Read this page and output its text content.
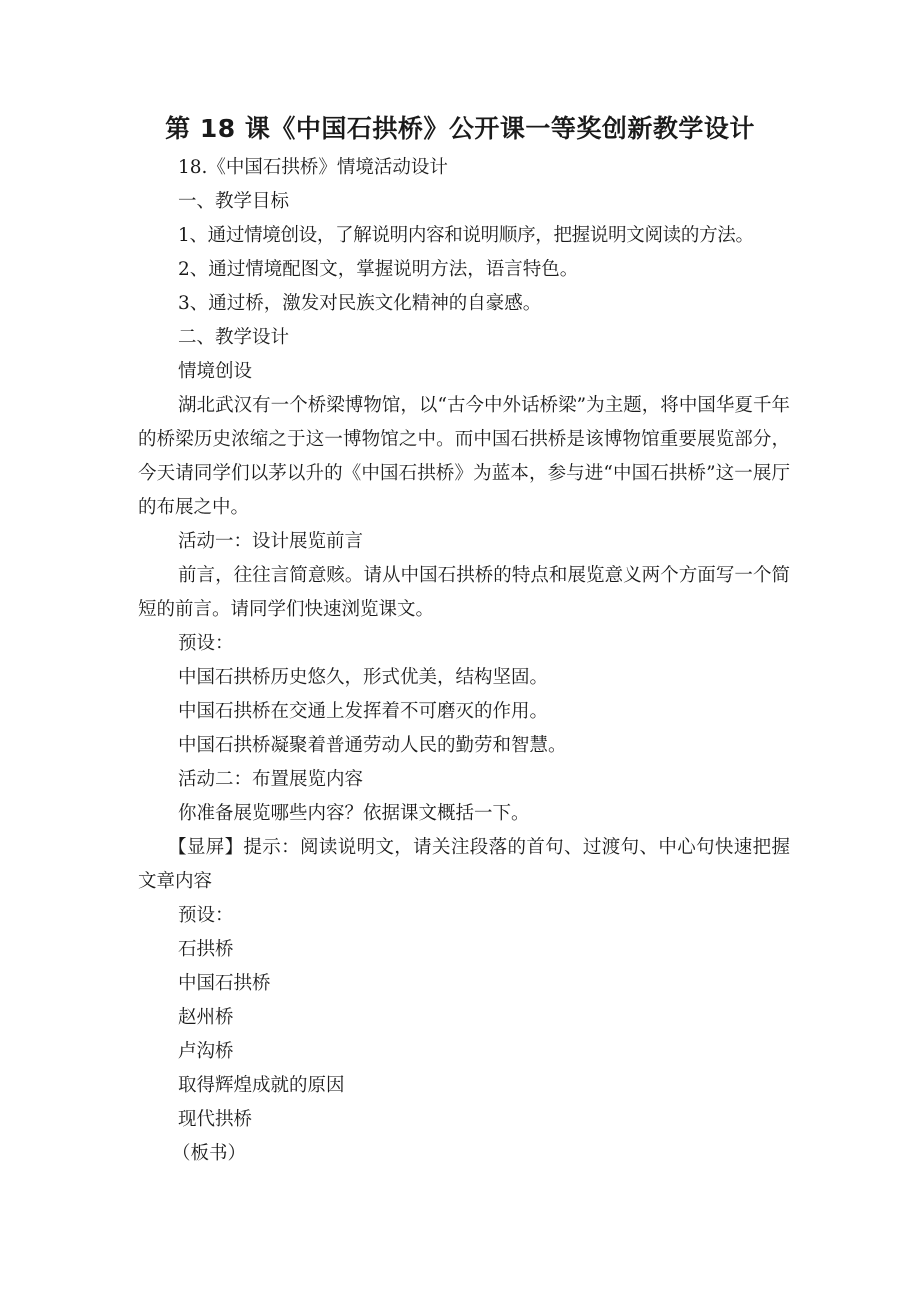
第 18 课《中国石拱桥》公开课一等奖创新教学设计
18.《中国石拱桥》情境活动设计
一、教学目标
1、通过情境创设，了解说明内容和说明顺序，把握说明文阅读的方法。
2、通过情境配图文，掌握说明方法，语言特色。
3、通过桥，激发对民族文化精神的自豪感。
二、教学设计
情境创设
湖北武汉有一个桥梁博物馆，以“古今中外话桥梁”为主题，将中国华夏千年的桥梁历史浓缩之于这一博物馆之中。而中国石拱桥是该博物馆重要展览部分，今天请同学们以茅以升的《中国石拱桥》为蓝本，参与进“中国石拱桥”这一展厅的布展之中。
活动一：设计展览前言
前言，往往言简意赅。请从中国石拱桥的特点和展览意义两个方面写一个简短的前言。请同学们快速浏览课文。
预设：
中国石拱桥历史悠久，形式优美，结构坚固。
中国石拱桥在交通上发挥着不可磨灭的作用。
中国石拱桥凝聚着普通劳动人民的勤劳和智慧。
活动二：布置展览内容
你准备展览哪些内容？依据课文概括一下。
【显屏】提示：阅读说明文，请关注段落的首句、过渡句、中心句快速把握文章内容
预设：
石拱桥
中国石拱桥
赵州桥
卢沟桥
取得辉煌成就的原因
现代拱桥
（板书）
